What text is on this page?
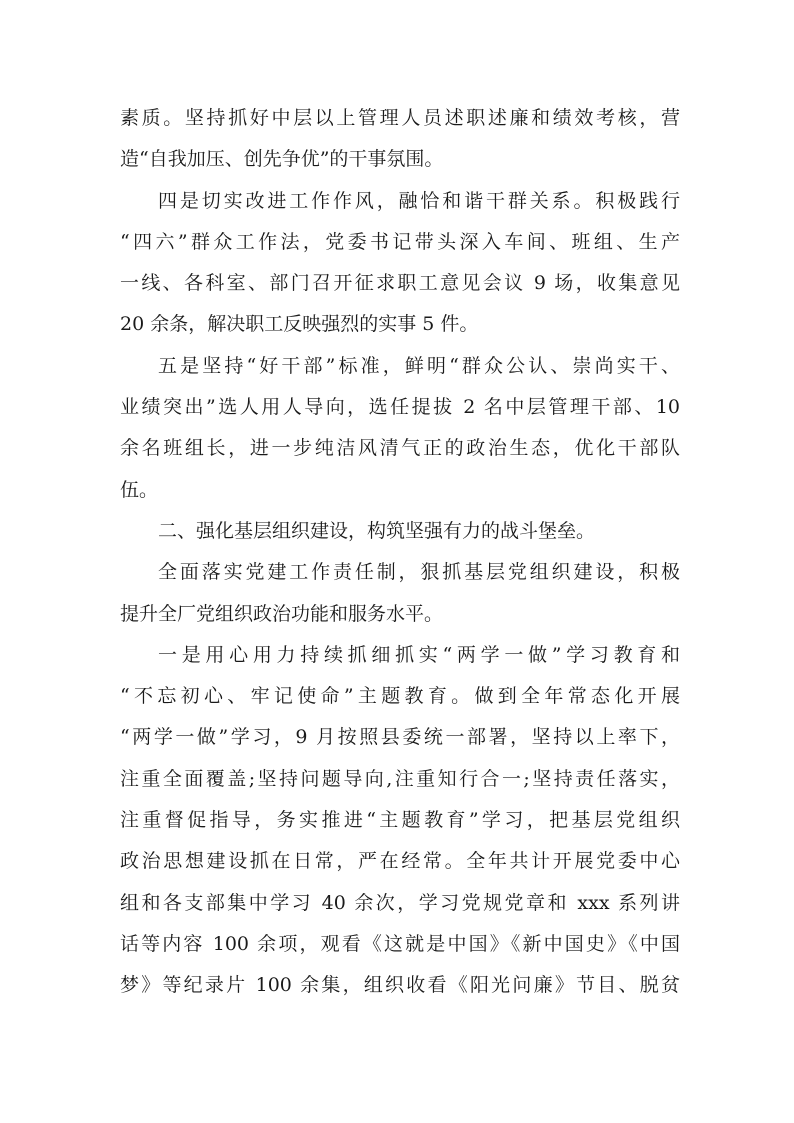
素质。坚持抓好中层以上管理人员述职述廉和绩效考核，营
造“自我加压、创先争优”的干事氛围。
四是切实改进工作作风，融恰和谐干群关系。积极践行
“四六”群众工作法，党委书记带头深入车间、班组、生产
一线、各科室、部门召开征求职工意见会议 9 场，收集意见
20 余条，解决职工反映强烈的实事 5 件。
五是坚持“好干部”标准，鲜明“群众公认、崇尚实干、
业绩突出”选人用人导向，选任提拔 2 名中层管理干部、10
余名班组长，进一步纯洁风清气正的政治生态，优化干部队
伍。
二、强化基层组织建设，构筑坚强有力的战斗堡垒。
全面落实党建工作责任制，狠抓基层党组织建设，积极
提升全厂党组织政治功能和服务水平。
一是用心用力持续抓细抓实“两学一做”学习教育和
“不忘初心、牢记使命”主题教育。做到全年常态化开展
“两学一做”学习，9 月按照县委统一部署，坚持以上率下，
注重全面覆盖;坚持问题导向,注重知行合一;坚持责任落实，
注重督促指导，务实推进“主题教育”学习，把基层党组织
政治思想建设抓在日常，严在经常。全年共计开展党委中心
组和各支部集中学习 40 余次，学习党规党章和 xxx 系列讲
话等内容 100 余项，观看《这就是中国》《新中国史》《中国
梦》等纪录片 100 余集，组织收看《阳光问廉》节目、脱贫
